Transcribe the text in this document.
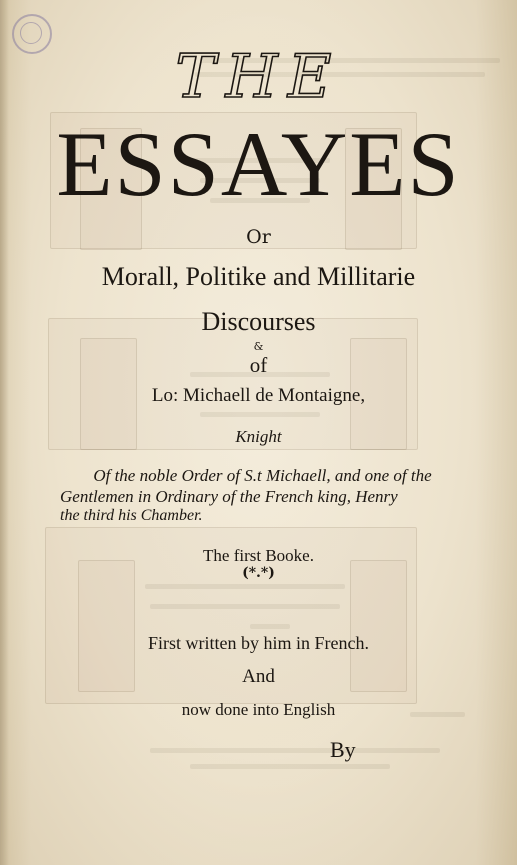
THE
ESSAYES
Or
Morall, Politike and Millitarie
Discourses
&
of
Lo: Michaell de Montaigne,
Knight
Of the noble Order of S.t Michaell, and one of the
Gentlemen in Ordinary of the French king, Henry
the third his Chamber.
The first Booke.
(*.*)
First written by him in French.
And
now done into English
By
